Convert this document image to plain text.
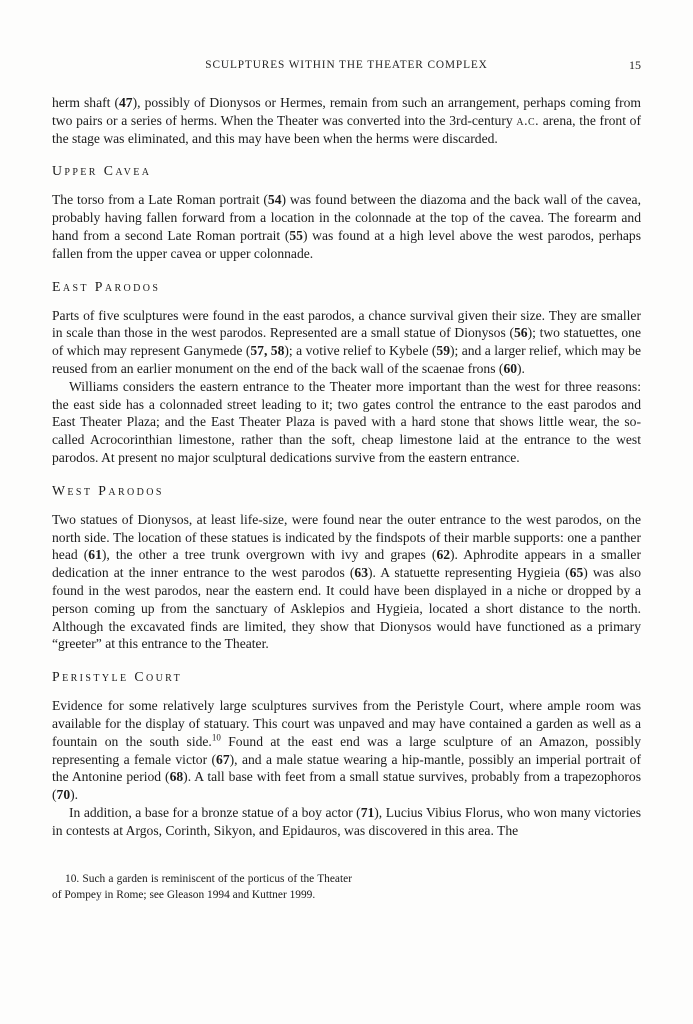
SCULPTURES WITHIN THE THEATER COMPLEX	15

herm shaft (47), possibly of Dionysos or Hermes, remain from such an arrangement, perhaps coming from two pairs or a series of herms. When the Theater was converted into the 3rd-century a.c. arena, the front of the stage was eliminated, and this may have been when the herms were discarded.

Upper Cavea

The torso from a Late Roman portrait (54) was found between the diazoma and the back wall of the cavea, probably having fallen forward from a location in the colonnade at the top of the cavea. The forearm and hand from a second Late Roman portrait (55) was found at a high level above the west parodos, perhaps fallen from the upper cavea or upper colonnade.

East Parodos

Parts of five sculptures were found in the east parodos, a chance survival given their size. They are smaller in scale than those in the west parodos. Represented are a small statue of Dionysos (56); two statuettes, one of which may represent Ganymede (57, 58); a votive relief to Kybele (59); and a larger relief, which may be reused from an earlier monument on the end of the back wall of the scaenae frons (60).

Williams considers the eastern entrance to the Theater more important than the west for three reasons: the east side has a colonnaded street leading to it; two gates control the entrance to the east parodos and East Theater Plaza; and the East Theater Plaza is paved with a hard stone that shows little wear, the so-called Acrocorinthian limestone, rather than the soft, cheap limestone laid at the entrance to the west parodos. At present no major sculptural dedications survive from the eastern entrance.

West Parodos

Two statues of Dionysos, at least life-size, were found near the outer entrance to the west parodos, on the north side. The location of these statues is indicated by the findspots of their marble supports: one a panther head (61), the other a tree trunk overgrown with ivy and grapes (62). Aphrodite appears in a smaller dedication at the inner entrance to the west parodos (63). A statuette representing Hygieia (65) was also found in the west parodos, near the eastern end. It could have been displayed in a niche or dropped by a person coming up from the sanctuary of Asklepios and Hygieia, located a short distance to the north. Although the excavated finds are limited, they show that Dionysos would have functioned as a primary “greeter” at this entrance to the Theater.

Peristyle Court

Evidence for some relatively large sculptures survives from the Peristyle Court, where ample room was available for the display of statuary. This court was unpaved and may have contained a garden as well as a fountain on the south side.$^{10}$ Found at the east end was a large sculpture of an Amazon, possibly representing a female victor (67), and a male statue wearing a hip-mantle, possibly an imperial portrait of the Antonine period (68). A tall base with feet from a small statue survives, probably from a trapezophoros (70).

In addition, a base for a bronze statue of a boy actor (71), Lucius Vibius Florus, who won many victories in contests at Argos, Corinth, Sikyon, and Epidauros, was discovered in this area. The

10. Such a garden is reminiscent of the porticus of the Theater of Pompey in Rome; see Gleason 1994 and Kuttner 1999.
